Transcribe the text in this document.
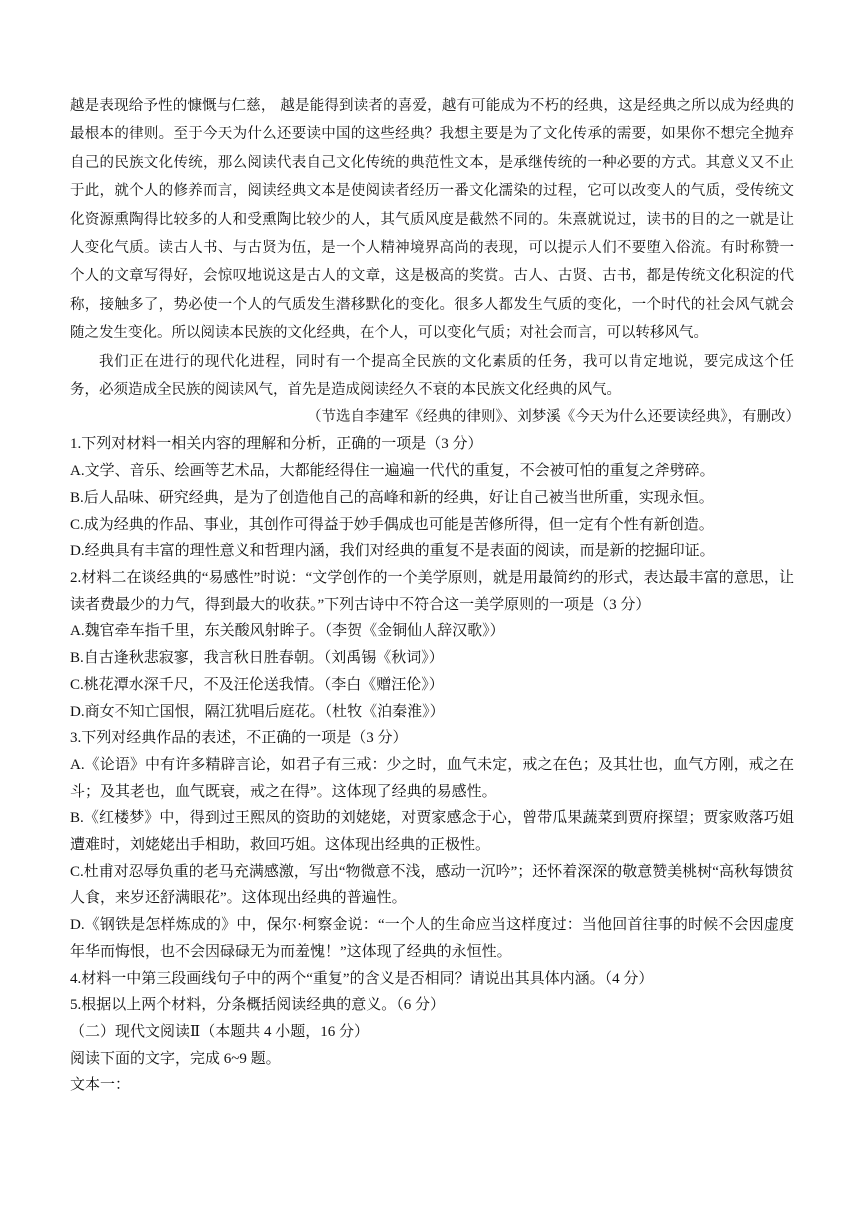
越是表现给予性的慷慨与仁慈， 越是能得到读者的喜爱，越有可能成为不朽的经典，这是经典之所以成为经典的最根本的律则。至于今天为什么还要读中国的这些经典？我想主要是为了文化传承的需要，如果你不想完全抛弃自己的民族文化传统，那么阅读代表自己文化传统的典范性文本，是承继传统的一种必要的方式。其意义又不止于此，就个人的修养而言，阅读经典文本是使阅读者经历一番文化濡染的过程，它可以改变人的气质，受传统文化资源熏陶得比较多的人和受熏陶比较少的人，其气质风度是截然不同的。朱熹就说过，读书的目的之一就是让人变化气质。读古人书、与古贤为伍，是一个人精神境界高尚的表现，可以提示人们不要堕入俗流。有时称赞一个人的文章写得好，会惊叹地说这是古人的文章，这是极高的奖赏。古人、古贤、古书，都是传统文化积淀的代称，接触多了，势必使一个人的气质发生潜移默化的变化。很多人都发生气质的变化，一个时代的社会风气就会随之发生变化。所以阅读本民族的文化经典，在个人，可以变化气质；对社会而言，可以转移风气。

我们正在进行的现代化进程，同时有一个提高全民族的文化素质的任务，我可以肯定地说，要完成这个任务，必须造成全民族的阅读风气，首先是造成阅读经久不衰的本民族文化经典的风气。

（节选自李建军《经典的律则》、刘梦溪《今天为什么还要读经典》，有删改）

1.下列对材料一相关内容的理解和分析，正确的一项是（3 分）

A.文学、音乐、绘画等艺术品，大都能经得住一遍遍一代代的重复，不会被可怕的重复之斧劈碎。

B.后人品味、研究经典，是为了创造他自己的高峰和新的经典，好让自己被当世所重，实现永恒。

C.成为经典的作品、事业，其创作可得益于妙手偶成也可能是苦修所得，但一定有个性有新创造。

D.经典具有丰富的理性意义和哲理内涵，我们对经典的重复不是表面的阅读，而是新的挖掘印证。

2.材料二在谈经典的“易感性”时说：“文学创作的一个美学原则，就是用最简约的形式，表达最丰富的意思，让读者费最少的力气，得到最大的收获。”下列古诗中不符合这一美学原则的一项是（3 分）

A.魏官牵车指千里，东关酸风射眸子。（李贺《金铜仙人辞汉歌》）

B.自古逢秋悲寂寥，我言秋日胜春朝。（刘禹锡《秋词》）

C.桃花潭水深千尺，不及汪伦送我情。（李白《赠汪伦》）

D.商女不知亡国恨，隔江犹唱后庭花。（杜牧《泊秦淮》）

3.下列对经典作品的表述，不正确的一项是（3 分）

A.《论语》中有许多精辟言论，如君子有三戒：少之时，血气未定，戒之在色；及其壮也，血气方刚，戒之在斗；及其老也，血气既衰，戒之在得”。这体现了经典的易感性。

B.《红楼梦》中，得到过王熙凤的资助的刘姥姥，对贾家感念于心，曾带瓜果蔬菜到贾府探望；贾家败落巧姐遭难时，刘姥姥出手相助，救回巧姐。这体现出经典的正极性。

C.杜甫对忍辱负重的老马充满感激，写出“物微意不浅，感动一沉吟”；还怀着深深的敬意赞美桃树“高秋每馈贫人食，来岁还舒满眼花”。这体现出经典的普遍性。

D.《钢铁是怎样炼成的》中，保尔·柯察金说：“一个人的生命应当这样度过：当他回首往事的时候不会因虚度年华而悔恨，也不会因碌碌无为而羞愧！”这体现了经典的永恒性。

4.材料一中第三段画线句子中的两个“重复”的含义是否相同？请说出其具体内涵。（4 分）

5.根据以上两个材料，分条概括阅读经典的意义。（6 分）

（二）现代文阅读Ⅱ（本题共 4 小题，16 分）

阅读下面的文字，完成 6~9 题。

文本一：
